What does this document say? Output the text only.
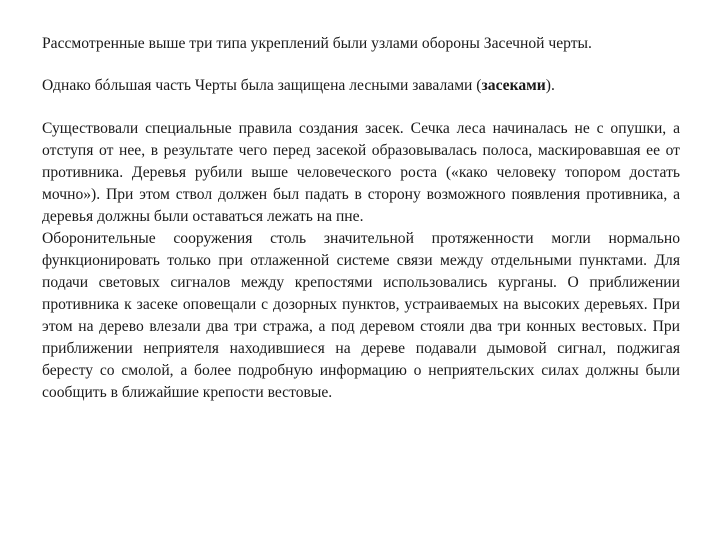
Рассмотренные выше три типа укреплений были узлами обороны Засечной черты.

Однако бóльшая часть Черты была защищена лесными завалами (засеками).

Существовали специальные правила создания засек. Сечка леса начиналась не с опушки, а отступя от нее, в результате чего перед засекой образовывалась полоса, маскировавшая ее от противника. Деревья рубили выше человеческого роста («како человеку топором достать мочно»). При этом ствол должен был падать в сторону возможного появления противника, а деревья должны были оставаться лежать на пне.

Оборонительные сооружения столь значительной протяженности могли нормально функционировать только при отлаженной системе связи между отдельными пунктами. Для подачи световых сигналов между крепостями использовались курганы. О приближении противника к засеке оповещали с дозорных пунктов, устраиваемых на высоких деревьях. При этом на дерево влезали два три стража, а под деревом стояли два три конных вестовых. При приближении неприятеля находившиеся на дереве подавали дымовой сигнал, поджигая бересту со смолой, а более подробную информацию о неприятельских силах должны были сообщить в ближайшие крепости вестовые.
